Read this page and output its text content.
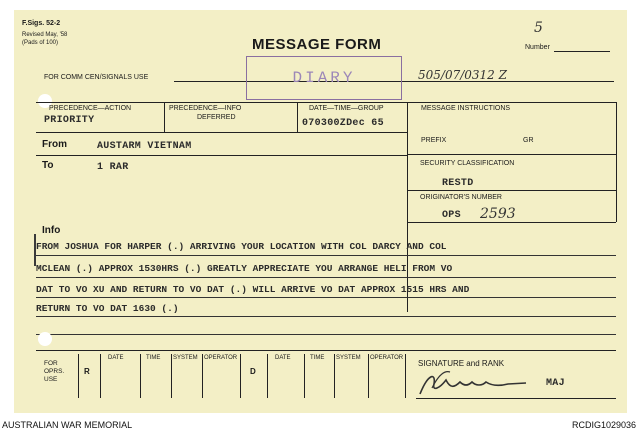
F.Sigs. 52-2
Revised May, '58
(Pads of 100)	MESSAGE FORM
5
Number
FOR COMM CEN/SIGNALS USE	DIARY	505/07/0312 Z
PRECEDENCE—ACTION
PRIORITY
PRECEDENCE—INFO
DEFERRED
DATE—TIME—GROUP
070300ZDec 65
MESSAGE INSTRUCTIONS
From	AUSTARM VIETNAM
To	1 RAR
PREFIX	GR
SECURITY CLASSIFICATION
RESTD
ORIGINATOR'S NUMBER
OPS 2593
Info
FROM JOSHUA FOR HARPER (.) ARRIVING YOUR LOCATION WITH COL DARCY AND COL
MCLEAN (.) APPROX 1530HRS (.) GREATLY APPRECIATE YOU ARRANGE HELI FROM VO
DAT TO VO XU AND RETURN TO VO DAT (.) WILL ARRIVE VO DAT APPROX 1515 HRS AND
RETURN TO VO DAT 1630 (.)
FOR OPRS. USE
R
DATE	TIME SYSTEM OPERATOR
D
DATE	TIME SYSTEM OPERATOR
SIGNATURE and RANK
MAJ
AUSTRALIAN WAR MEMORIAL	RCDIG1029036
